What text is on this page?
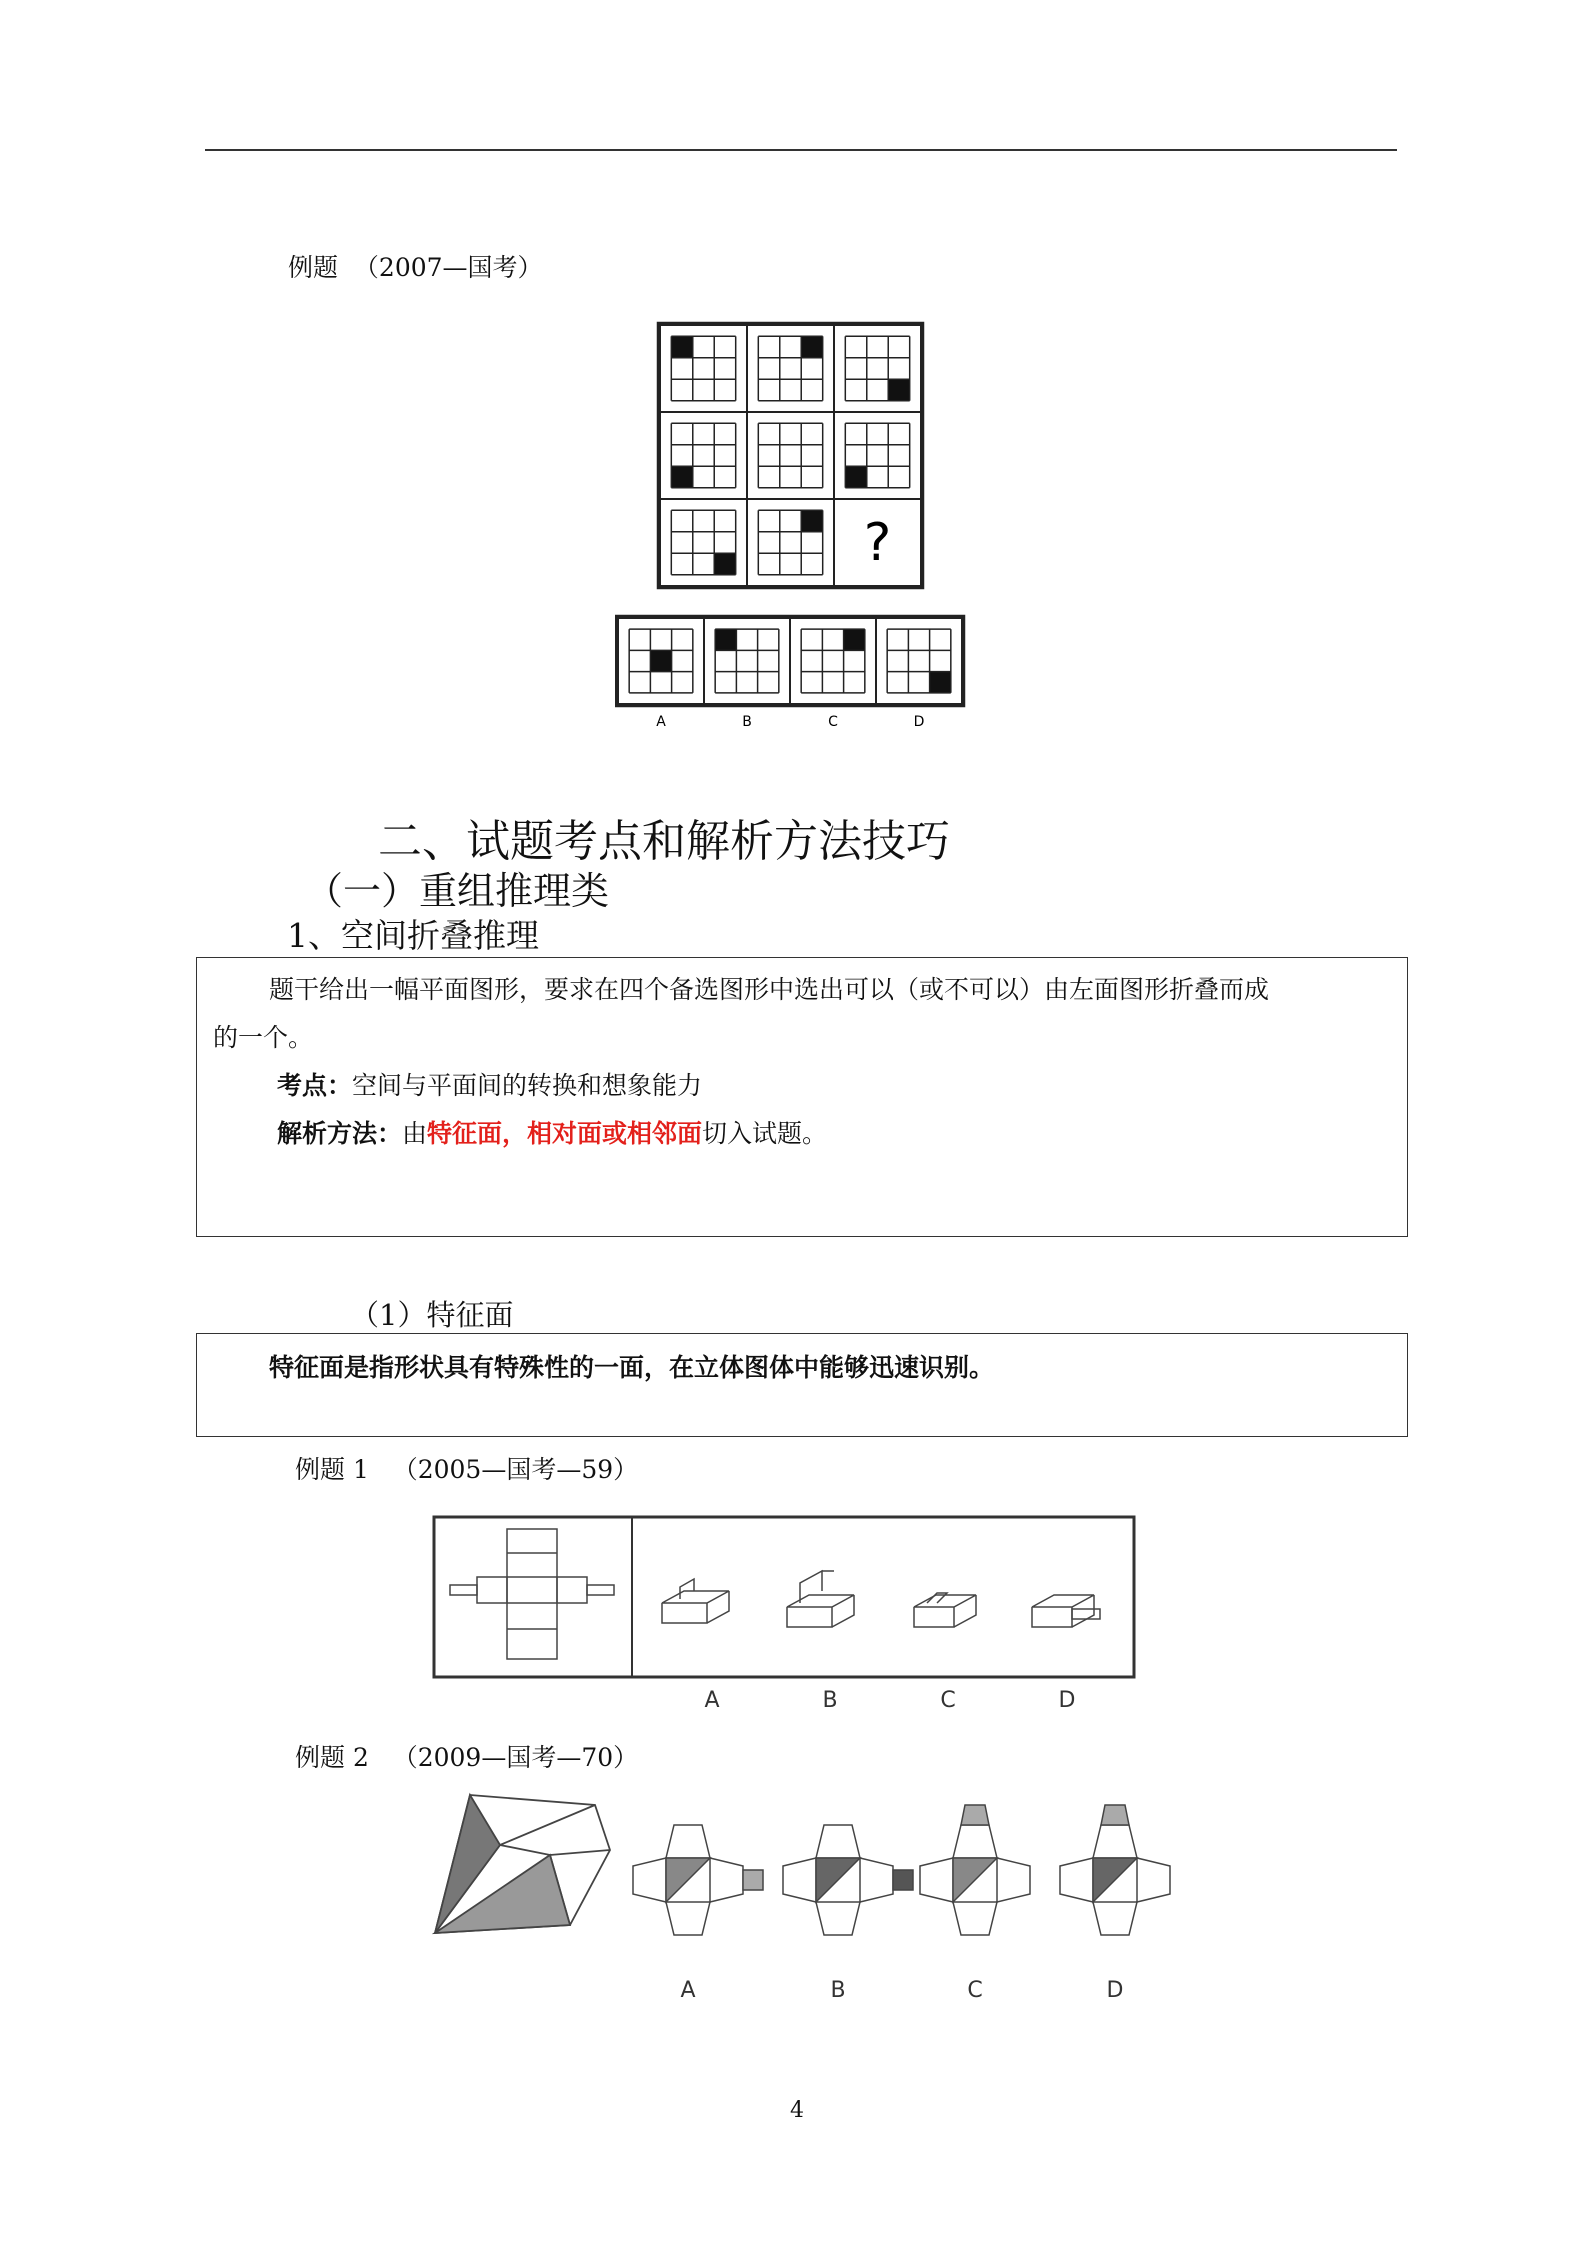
例题 （2007—国考）
?
A	B	C	D
二、试题考点和解析方法技巧
（一）重组推理类
1、空间折叠推理
题干给出一幅平面图形，要求在四个备选图形中选出可以（或不可以）由左面图形折叠而成
的一个。
考点：空间与平面间的转换和想象能力
解析方法：由特征面，相对面或相邻面切入试题。
（1）特征面
特征面是指形状具有特殊性的一面，在立体图体中能够迅速识别。
例题 1 （2005—国考—59）
A	B	C	D
例题 2 （2009—国考—70）
A	B	C	D
4
